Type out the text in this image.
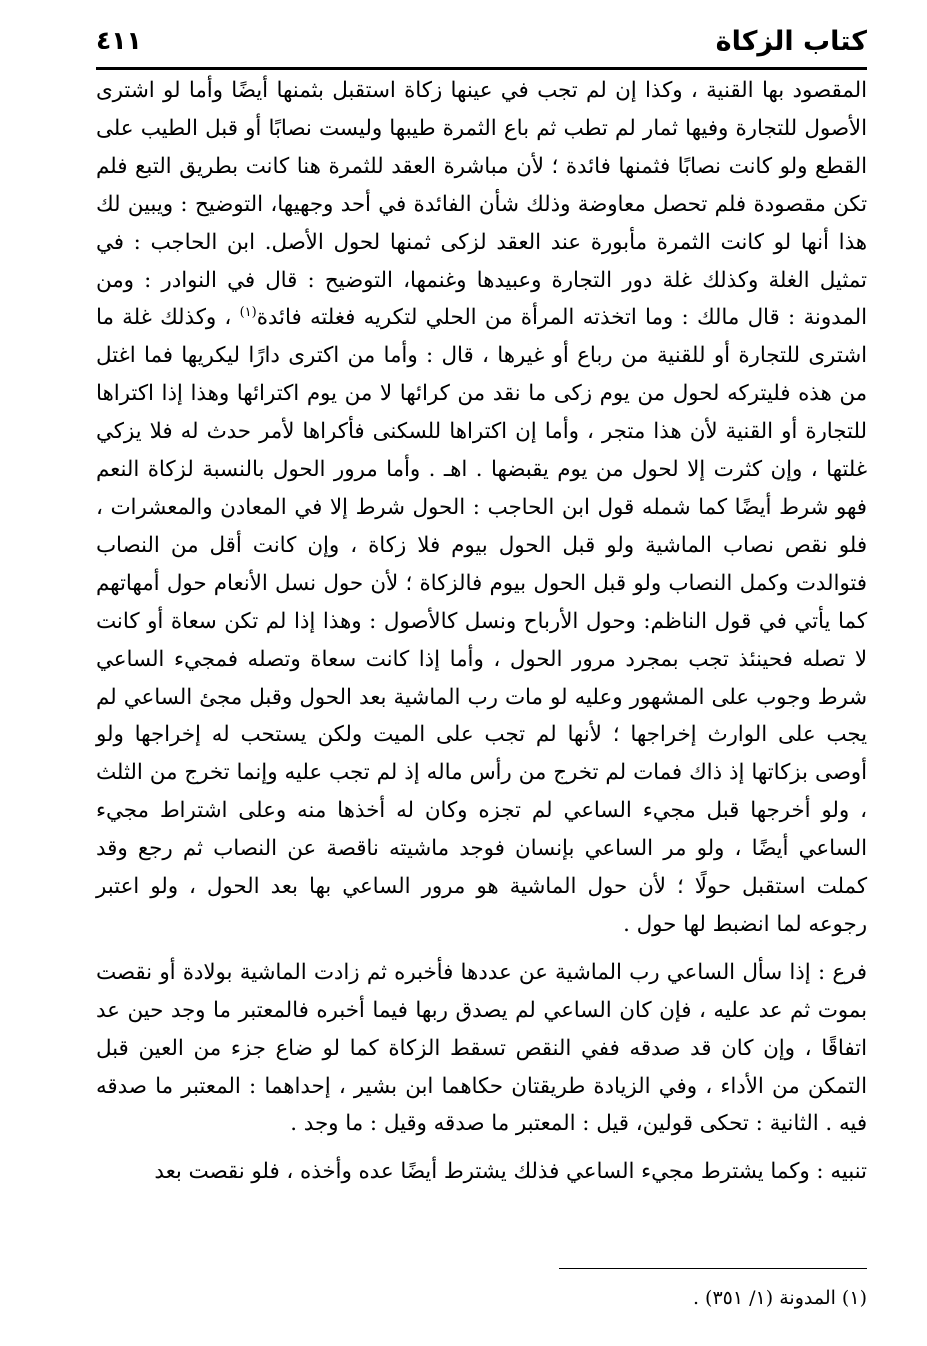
كتاب الزكاة
٤١١

المقصود بها القنية ، وكذا إن لم تجب في عينها زكاة استقبل بثمنها أيضًا وأما لو اشترى الأصول للتجارة وفيها ثمار لم تطب ثم باع الثمرة طيبها وليست نصابًا أو قبل الطيب على القطع ولو كانت نصابًا فثمنها فائدة ؛ لأن مباشرة العقد للثمرة هنا كانت بطريق التبع فلم تكن مقصودة فلم تحصل معاوضة وذلك شأن الفائدة في أحد وجهيها، التوضيح : ويبين لك هذا أنها لو كانت الثمرة مأبورة عند العقد لزكى ثمنها لحول الأصل. ابن الحاجب : في تمثيل الغلة وكذلك غلة دور التجارة وعبيدها وغنمها، التوضيح : قال في النوادر : ومن المدونة : قال مالك : وما اتخذته المرأة من الحلي لتكريه فغلته فائدة$^{(١)}$ ، وكذلك غلة ما اشترى للتجارة أو للقنية من رباع أو غيرها ، قال : وأما من اكترى دارًا ليكريها فما اغتل من هذه فليتركه لحول من يوم زكى ما نقد من كرائها لا من يوم اكترائها وهذا إذا اكتراها للتجارة أو القنية لأن هذا متجر ، وأما إن اكتراها للسكنى فأكراها لأمر حدث له فلا يزكي غلتها ، وإن كثرت إلا لحول من يوم يقبضها . اهـ . وأما مرور الحول بالنسبة لزكاة النعم فهو شرط أيضًا كما شمله قول ابن الحاجب : الحول شرط إلا في المعادن والمعشرات ، فلو نقص نصاب الماشية ولو قبل الحول بيوم فلا زكاة ، وإن كانت أقل من النصاب فتوالدت وكمل النصاب ولو قبل الحول بيوم فالزكاة ؛ لأن حول نسل الأنعام حول أمهاتهم كما يأتي في قول الناظم: وحول الأرباح ونسل كالأصول : وهذا إذا لم تكن سعاة أو كانت لا تصله فحينئذ تجب بمجرد مرور الحول ، وأما إذا كانت سعاة وتصله فمجيء الساعي شرط وجوب على المشهور وعليه لو مات رب الماشية بعد الحول وقبل مجئ الساعي لم يجب على الوارث إخراجها ؛ لأنها لم تجب على الميت ولكن يستحب له إخراجها ولو أوصى بزكاتها إذ ذاك فمات لم تخرج من رأس ماله إذ لم تجب عليه وإنما تخرج من الثلث ، ولو أخرجها قبل مجيء الساعي لم تجزه وكان له أخذها منه وعلى اشتراط مجيء الساعي أيضًا ، ولو مر الساعي بإنسان فوجد ماشيته ناقصة عن النصاب ثم رجع وقد كملت استقبل حولًا ؛ لأن حول الماشية هو مرور الساعي بها بعد الحول ، ولو اعتبر رجوعه لما انضبط لها حول .

فرع : إذا سأل الساعي رب الماشية عن عددها فأخبره ثم زادت الماشية بولادة أو نقصت بموت ثم عد عليه ، فإن كان الساعي لم يصدق ربها فيما أخبره فالمعتبر ما وجد حين عد اتفاقًا ، وإن كان قد صدقه ففي النقص تسقط الزكاة كما لو ضاع جزء من العين قبل التمكن من الأداء ، وفي الزيادة طريقتان حكاهما ابن بشير ، إحداهما : المعتبر ما صدقه فيه . الثانية : تحكى قولين، قيل : المعتبر ما صدقه وقيل : ما وجد .

تنبيه : وكما يشترط مجيء الساعي فذلك يشترط أيضًا عده وأخذه ، فلو نقصت بعد

(١) المدونة (١/ ٣٥١) .
